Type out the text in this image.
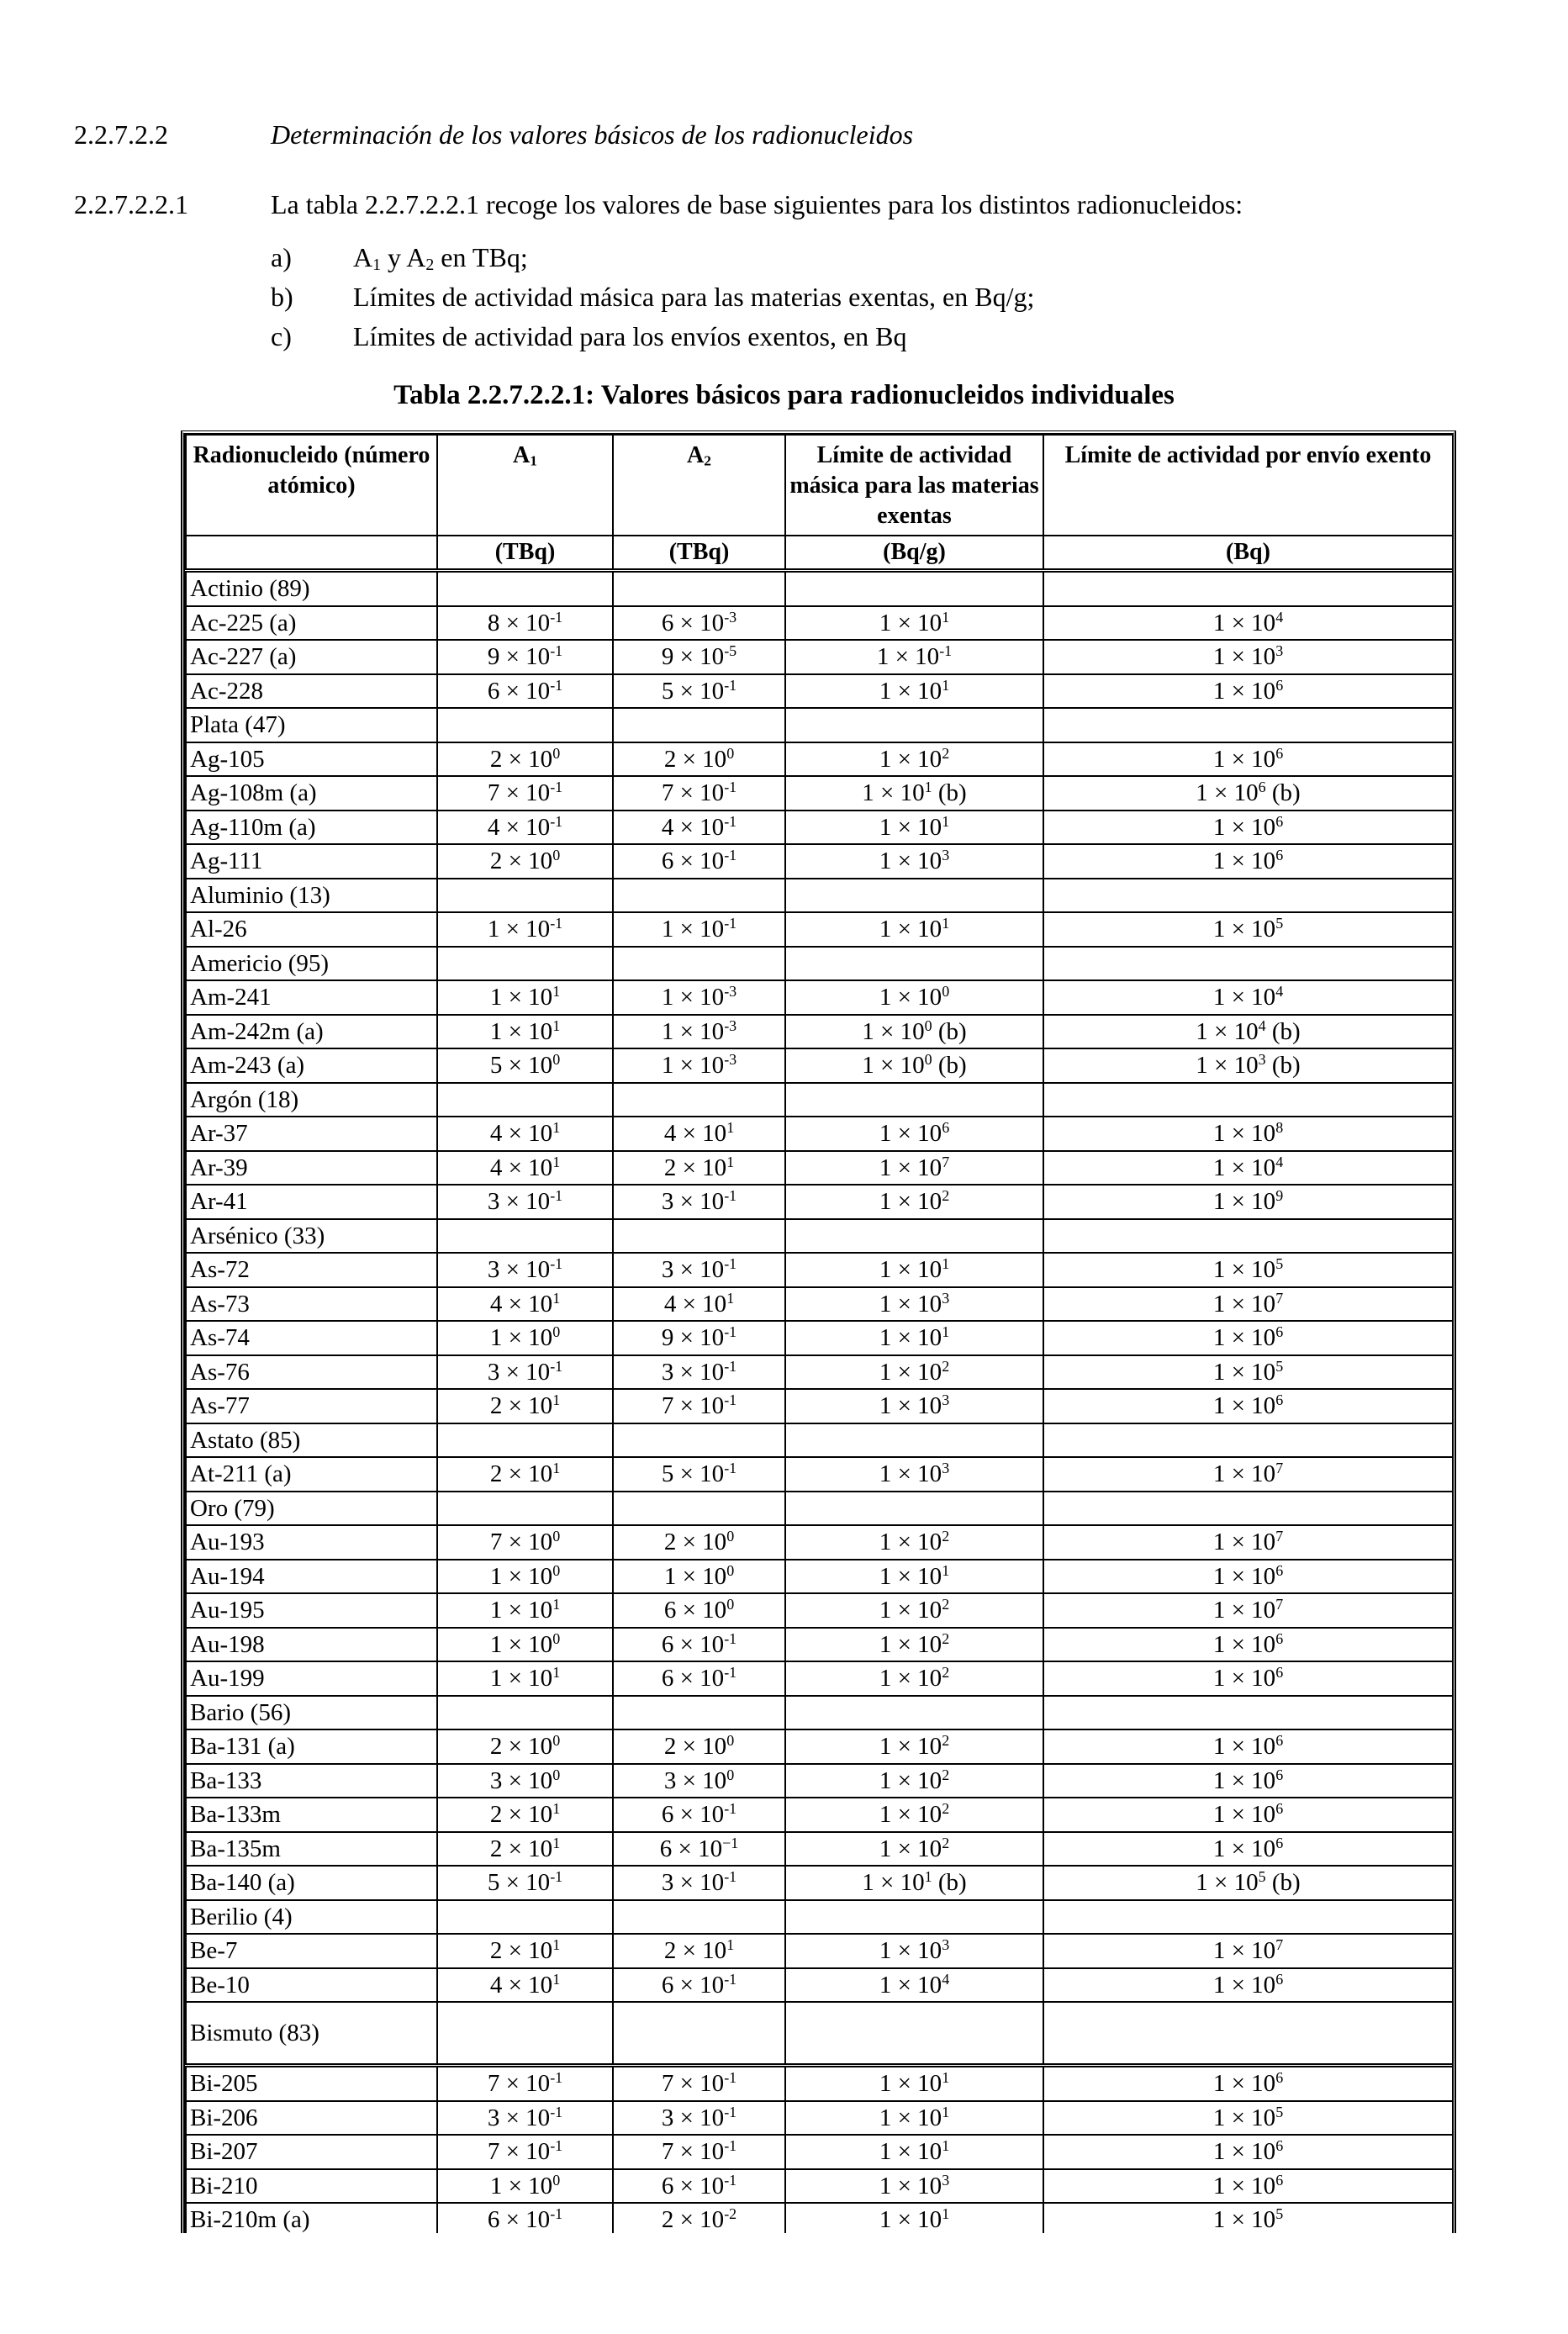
2.2.7.2.2	Determinación de los valores básicos de los radionucleidos
2.2.7.2.2.1	La tabla 2.2.7.2.2.1 recoge los valores de base siguientes para los distintos radionucleidos:
a) $A_1$ y $A_2$ en TBq;
b) Límites de actividad másica para las materias exentas, en Bq/g;
c) Límites de actividad para los envíos exentos, en Bq
Tabla 2.2.7.2.2.1: Valores básicos para radionucleidos individuales
Radionucleido (número atómico)	$A_1$	$A_2$	Límite de actividad másica para las materias exentas	Límite de actividad por envío exento
	(TBq)	(TBq)	(Bq/g)	(Bq)
Actinio (89)				
Ac-225 (a)	$8 \times 10^{-1}$	$6 \times 10^{-3}$	$1 \times 10^1$	$1 \times 10^4$
Ac-227 (a)	$9 \times 10^{-1}$	$9 \times 10^{-5}$	$1 \times 10^{-1}$	$1 \times 10^3$
Ac-228	$6 \times 10^{-1}$	$5 \times 10^{-1}$	$1 \times 10^1$	$1 \times 10^6$
Plata (47)				
Ag-105	$2 \times 10^0$	$2 \times 10^0$	$1 \times 10^2$	$1 \times 10^6$
Ag-108m (a)	$7 \times 10^{-1}$	$7 \times 10^{-1}$	$1 \times 10^1$ (b)	$1 \times 10^6$ (b)
Ag-110m (a)	$4 \times 10^{-1}$	$4 \times 10^{-1}$	$1 \times 10^1$	$1 \times 10^6$
Ag-111	$2 \times 10^0$	$6 \times 10^{-1}$	$1 \times 10^3$	$1 \times 10^6$
Aluminio (13)				
Al-26	$1 \times 10^{-1}$	$1 \times 10^{-1}$	$1 \times 10^1$	$1 \times 10^5$
Americio (95)				
Am-241	$1 \times 10^1$	$1 \times 10^{-3}$	$1 \times 10^0$	$1 \times 10^4$
Am-242m (a)	$1 \times 10^1$	$1 \times 10^{-3}$	$1 \times 10^0$ (b)	$1 \times 10^4$ (b)
Am-243 (a)	$5 \times 10^0$	$1 \times 10^{-3}$	$1 \times 10^0$ (b)	$1 \times 10^3$ (b)
Argón (18)				
Ar-37	$4 \times 10^1$	$4 \times 10^1$	$1 \times 10^6$	$1 \times 10^8$
Ar-39	$4 \times 10^1$	$2 \times 10^1$	$1 \times 10^7$	$1 \times 10^4$
Ar-41	$3 \times 10^{-1}$	$3 \times 10^{-1}$	$1 \times 10^2$	$1 \times 10^9$
Arsénico (33)				
As-72	$3 \times 10^{-1}$	$3 \times 10^{-1}$	$1 \times 10^1$	$1 \times 10^5$
As-73	$4 \times 10^1$	$4 \times 10^1$	$1 \times 10^3$	$1 \times 10^7$
As-74	$1 \times 10^0$	$9 \times 10^{-1}$	$1 \times 10^1$	$1 \times 10^6$
As-76	$3 \times 10^{-1}$	$3 \times 10^{-1}$	$1 \times 10^2$	$1 \times 10^5$
As-77	$2 \times 10^1$	$7 \times 10^{-1}$	$1 \times 10^3$	$1 \times 10^6$
Astato (85)				
At-211 (a)	$2 \times 10^1$	$5 \times 10^{-1}$	$1 \times 10^3$	$1 \times 10^7$
Oro (79)				
Au-193	$7 \times 10^0$	$2 \times 10^0$	$1 \times 10^2$	$1 \times 10^7$
Au-194	$1 \times 10^0$	$1 \times 10^0$	$1 \times 10^1$	$1 \times 10^6$
Au-195	$1 \times 10^1$	$6 \times 10^0$	$1 \times 10^2$	$1 \times 10^7$
Au-198	$1 \times 10^0$	$6 \times 10^{-1}$	$1 \times 10^2$	$1 \times 10^6$
Au-199	$1 \times 10^1$	$6 \times 10^{-1}$	$1 \times 10^2$	$1 \times 10^6$
Bario (56)				
Ba-131 (a)	$2 \times 10^0$	$2 \times 10^0$	$1 \times 10^2$	$1 \times 10^6$
Ba-133	$3 \times 10^0$	$3 \times 10^0$	$1 \times 10^2$	$1 \times 10^6$
Ba-133m	$2 \times 10^1$	$6 \times 10^{-1}$	$1 \times 10^2$	$1 \times 10^6$
Ba-135m	$2 \times 10^1$	$6 \times 10^{-1}$	$1 \times 10^2$	$1 \times 10^6$
Ba-140 (a)	$5 \times 10^{-1}$	$3 \times 10^{-1}$	$1 \times 10^1$ (b)	$1 \times 10^5$ (b)
Berilio (4)				
Be-7	$2 \times 10^1$	$2 \times 10^1$	$1 \times 10^3$	$1 \times 10^7$
Be-10	$4 \times 10^1$	$6 \times 10^{-1}$	$1 \times 10^4$	$1 \times 10^6$
Bismuto (83)				
Bi-205	$7 \times 10^{-1}$	$7 \times 10^{-1}$	$1 \times 10^1$	$1 \times 10^6$
Bi-206	$3 \times 10^{-1}$	$3 \times 10^{-1}$	$1 \times 10^1$	$1 \times 10^5$
Bi-207	$7 \times 10^{-1}$	$7 \times 10^{-1}$	$1 \times 10^1$	$1 \times 10^6$
Bi-210	$1 \times 10^0$	$6 \times 10^{-1}$	$1 \times 10^3$	$1 \times 10^6$
Bi-210m (a)	$6 \times 10^{-1}$	$2 \times 10^{-2}$	$1 \times 10^1$	$1 \times 10^5$
